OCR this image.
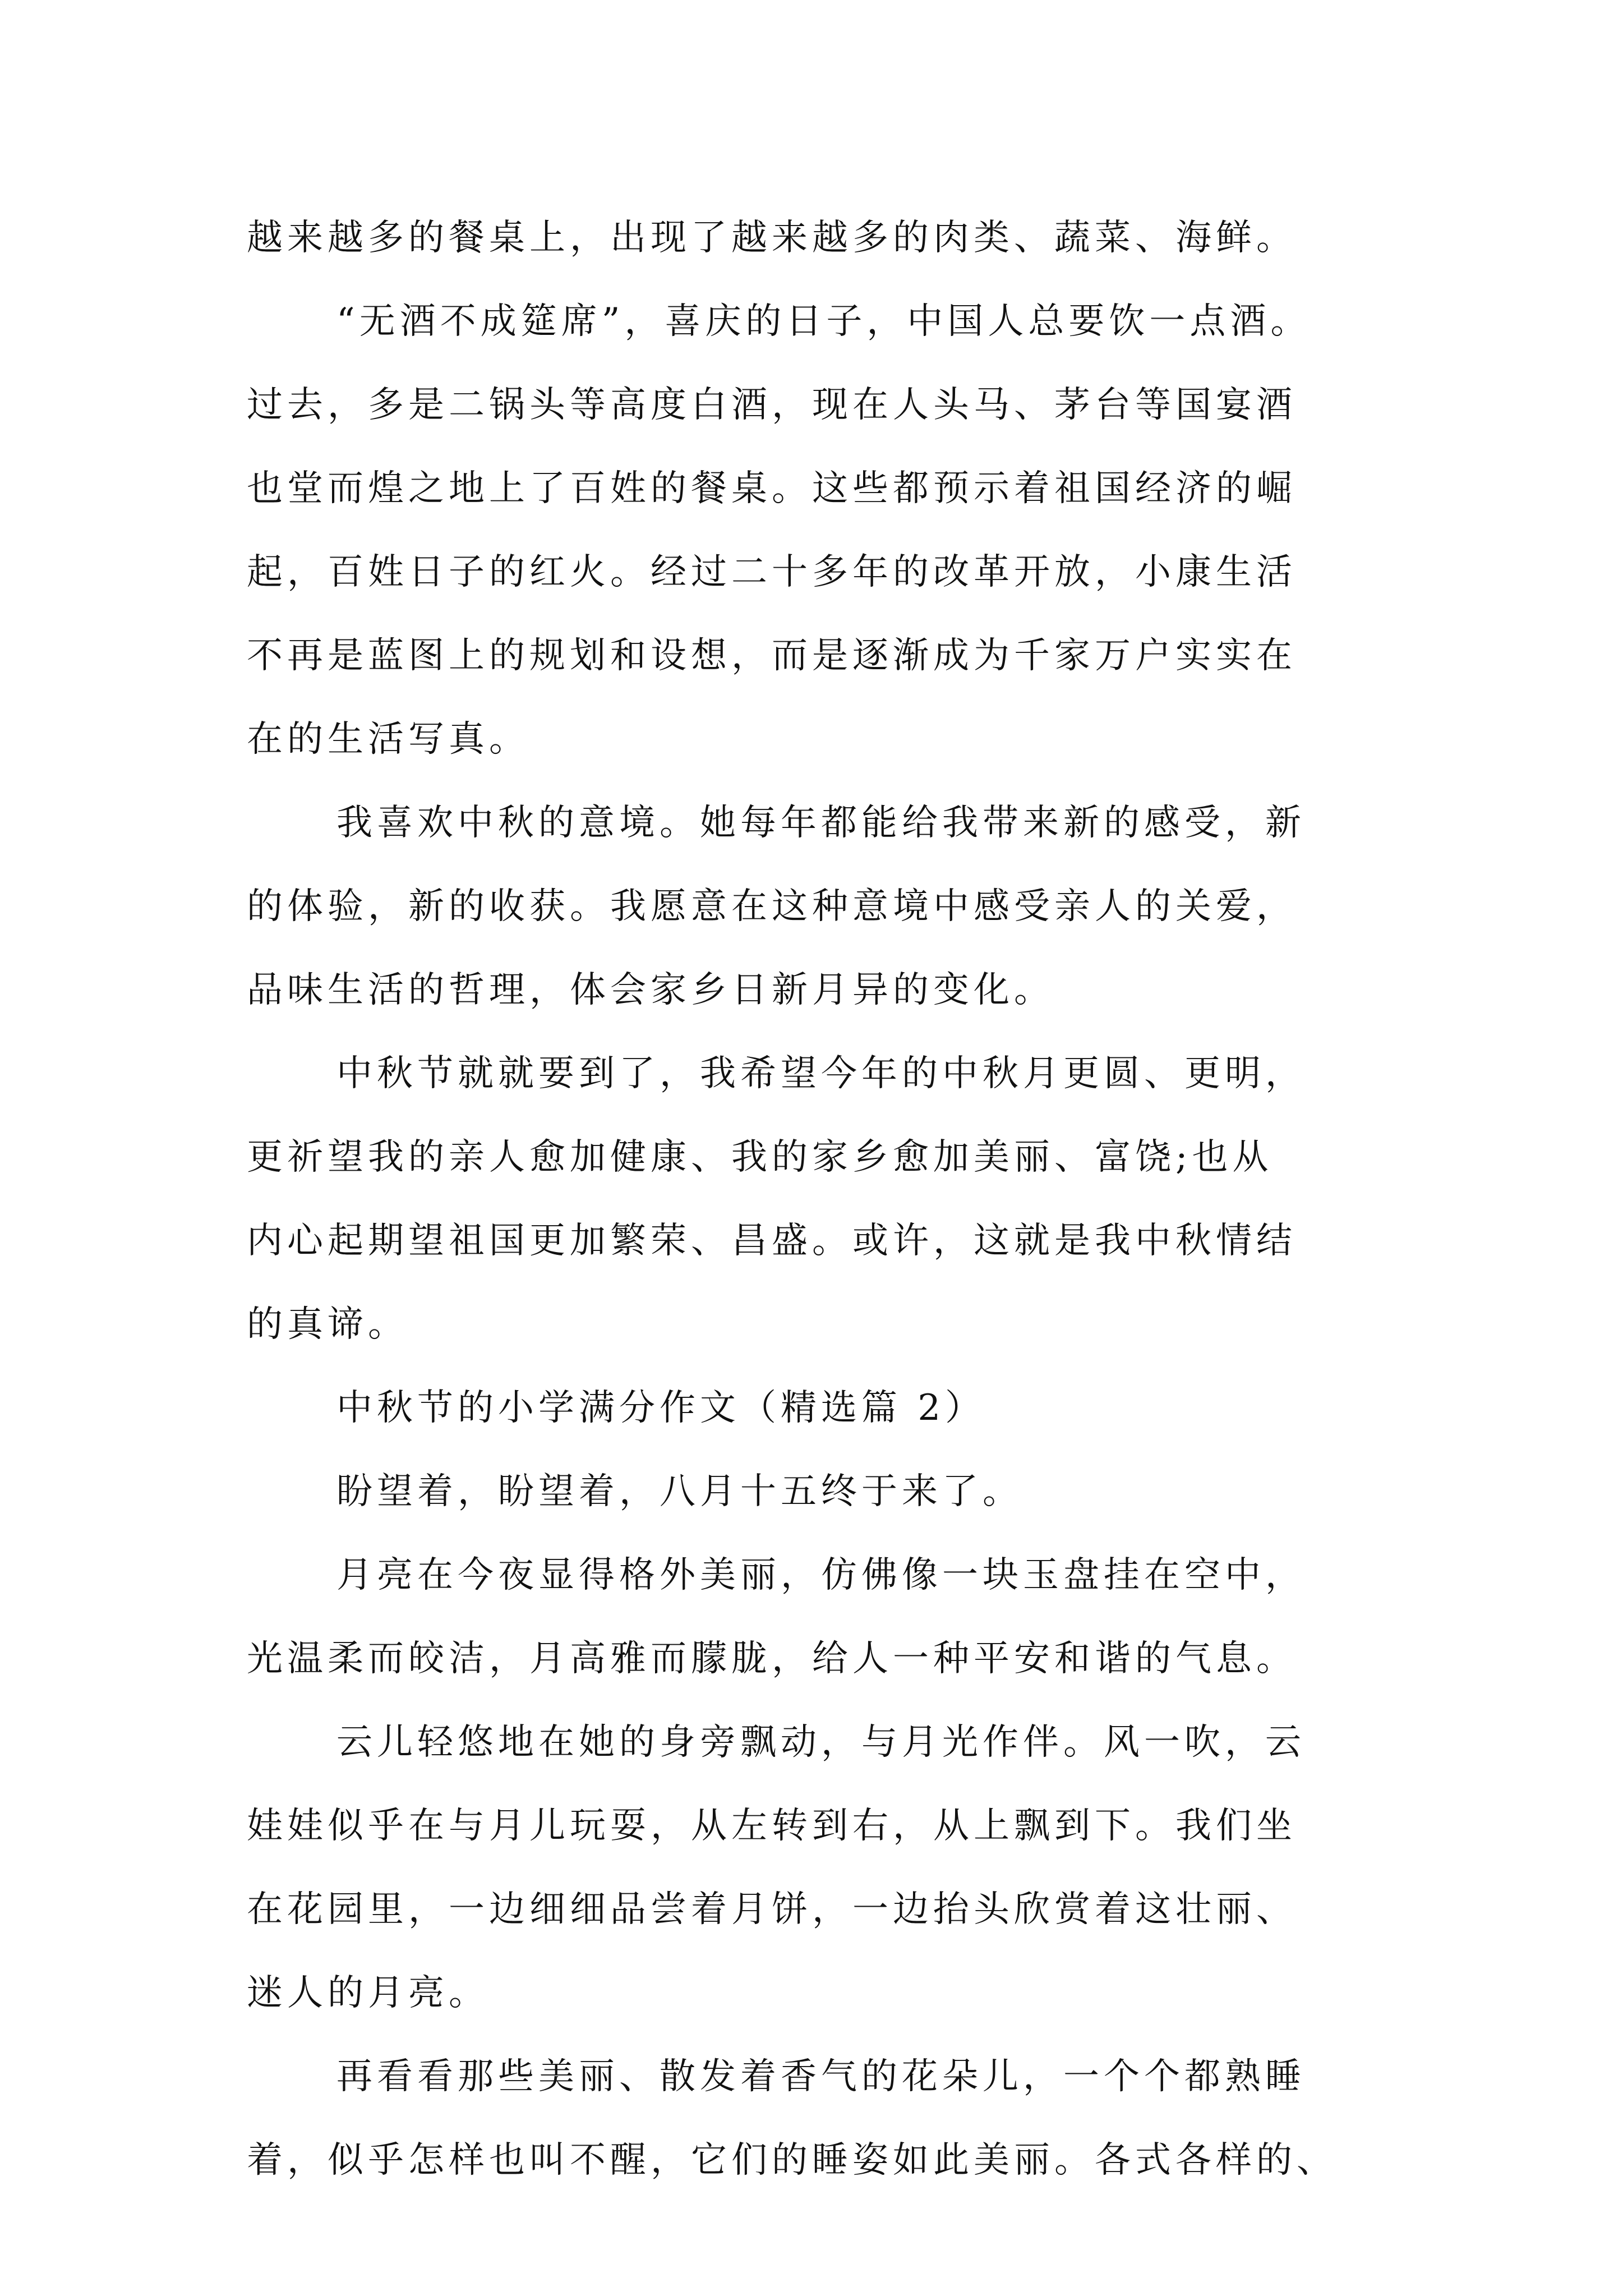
越来越多的餐桌上，出现了越来越多的肉类、蔬菜、海鲜。
“无酒不成筵席”，喜庆的日子，中国人总要饮一点酒。
过去，多是二锅头等高度白酒，现在人头马、茅台等国宴酒
也堂而煌之地上了百姓的餐桌。这些都预示着祖国经济的崛
起，百姓日子的红火。经过二十多年的改革开放，小康生活
不再是蓝图上的规划和设想，而是逐渐成为千家万户实实在
在的生活写真。
我喜欢中秋的意境。她每年都能给我带来新的感受，新
的体验，新的收获。我愿意在这种意境中感受亲人的关爱，
品味生活的哲理，体会家乡日新月异的变化。
中秋节就就要到了，我希望今年的中秋月更圆、更明，
更祈望我的亲人愈加健康、我的家乡愈加美丽、富饶;也从
内心起期望祖国更加繁荣、昌盛。或许，这就是我中秋情结
的真谛。
中秋节的小学满分作文（精选篇 2）
盼望着，盼望着，八月十五终于来了。
月亮在今夜显得格外美丽，仿佛像一块玉盘挂在空中，
光温柔而皎洁，月高雅而朦胧，给人一种平安和谐的气息。
云儿轻悠地在她的身旁飘动，与月光作伴。风一吹，云
娃娃似乎在与月儿玩耍，从左转到右，从上飘到下。我们坐
在花园里，一边细细品尝着月饼，一边抬头欣赏着这壮丽、
迷人的月亮。
再看看那些美丽、散发着香气的花朵儿，一个个都熟睡
着，似乎怎样也叫不醒，它们的睡姿如此美丽。各式各样的、
